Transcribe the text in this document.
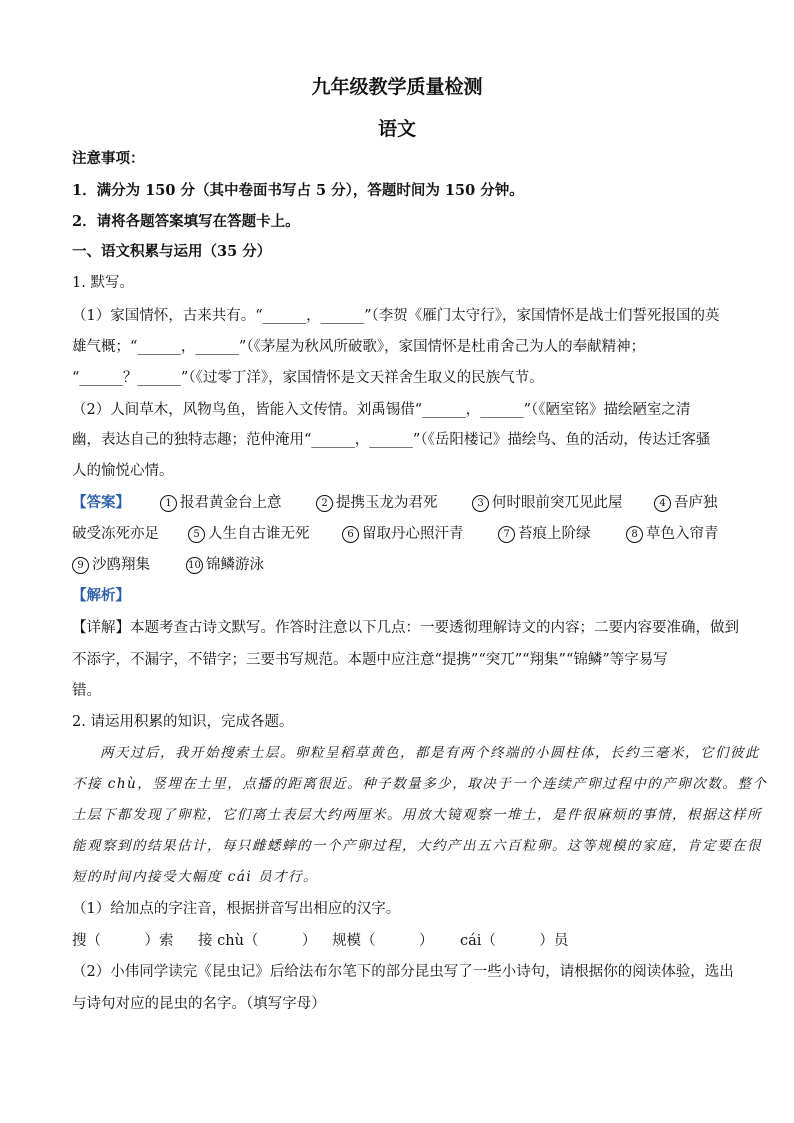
九年级教学质量检测
语文
注意事项：
1．满分为 150 分（其中卷面书写占 5 分），答题时间为 150 分钟。
2．请将各题答案填写在答题卡上。
一、语文积累与运用（35 分）
1. 默写。
（1）家国情怀，古来共有。“______，______”（李贺《雁门太守行》，家国情怀是战士们誓死报国的英
雄气概；“______，______”（《茅屋为秋风所破歌》，家国情怀是杜甫舍己为人的奉献精神；
“______？______”（《过零丁洋》，家国情怀是文天祥舍生取义的民族气节。
（2）人间草木，风物鸟鱼，皆能入文传情。刘禹锡借“______，______”（《陋室铭》描绘陋室之清
幽，表达自己的独特志趣；范仲淹用“______，______”（《岳阳楼记》描绘鸟、鱼的活动，传达迁客骚
人的愉悦心情。
【答案】	1 报君黄金台上意	2 提携玉龙为君死	3 何时眼前突兀见此屋	4 吾庐独
破受冻死亦足	5 人生自古谁无死	6 留取丹心照汗青	7 苔痕上阶绿	8 草色入帘青
9 沙鸥翔集	10 锦鳞游泳
【解析】
【详解】本题考查古诗文默写。作答时注意以下几点：一要透彻理解诗文的内容；二要内容要准确，做到
不添字，不漏字，不错字；三要书写规范。本题中应注意“提携”“突兀”“翔集”“锦鳞”等字易写
错。
2. 请运用积累的知识，完成各题。
两天过后，我开始搜索土层。卵粒呈稻草黄色，都是有两个终端的小圆柱体，长约三毫米，它们彼此
不接 chù，竖埋在土里，点播的距离很近。种子数量多少，取决于一个连续产卵过程中的产卵次数。整个
土层下都发现了卵粒，它们离土表层大约两厘米。用放大镜观察一堆土，是件很麻烦的事情，根据这样所
能观察到的结果估计，每只雌蟋蟀的一个产卵过程，大约产出五六百粒卵。这等规模的家庭，肯定要在很
短的时间内接受大幅度 cái 员才行。
（1）给加点的字注音，根据拼音写出相应的汉字。
搜（　　　）索 接 chù（　　　） 规模（　　　） cái（　　　）员
（2）小伟同学读完《昆虫记》后给法布尔笔下的部分昆虫写了一些小诗句，请根据你的阅读体验，选出
与诗句对应的昆虫的名字。（填写字母）
